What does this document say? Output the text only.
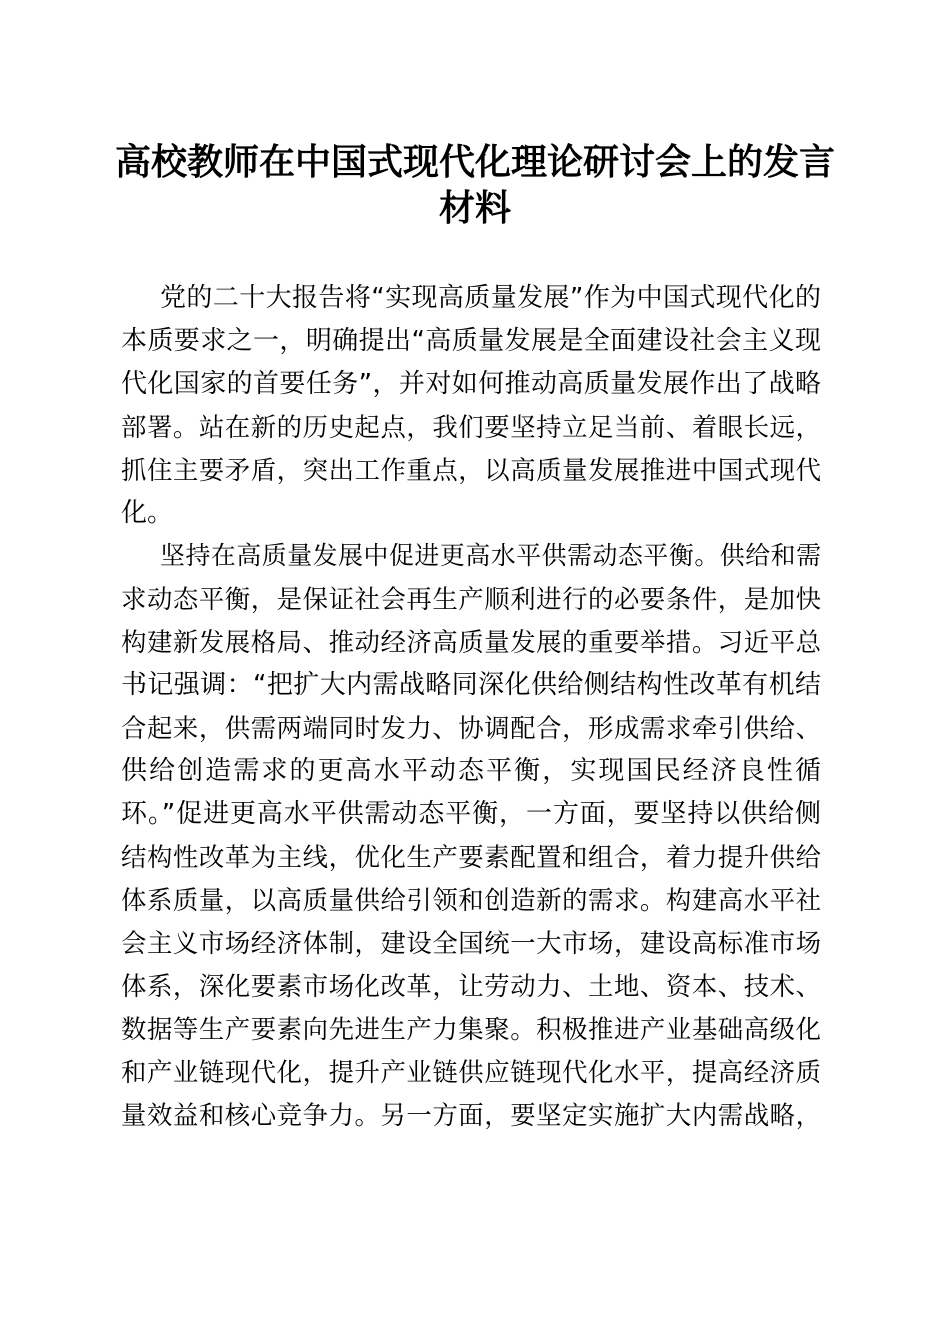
高校教师在中国式现代化理论研讨会上的发言
材料

党的二十大报告将“实现高质量发展”作为中国式现代化的

本质要求之一，明确提出“高质量发展是全面建设社会主义现

代化国家的首要任务”，并对如何推动高质量发展作出了战略

部署。站在新的历史起点，我们要坚持立足当前、着眼长远，

抓住主要矛盾，突出工作重点，以高质量发展推进中国式现代

化。

坚持在高质量发展中促进更高水平供需动态平衡。供给和需

求动态平衡，是保证社会再生产顺利进行的必要条件，是加快

构建新发展格局、推动经济高质量发展的重要举措。习近平总

书记强调：“把扩大内需战略同深化供给侧结构性改革有机结

合起来，供需两端同时发力、协调配合，形成需求牵引供给、

供给创造需求的更高水平动态平衡，实现国民经济良性循

环。”促进更高水平供需动态平衡，一方面，要坚持以供给侧

结构性改革为主线，优化生产要素配置和组合，着力提升供给

体系质量，以高质量供给引领和创造新的需求。构建高水平社

会主义市场经济体制，建设全国统一大市场，建设高标准市场

体系，深化要素市场化改革，让劳动力、土地、资本、技术、

数据等生产要素向先进生产力集聚。积极推进产业基础高级化

和产业链现代化，提升产业链供应链现代化水平，提高经济质

量效益和核心竞争力。另一方面，要坚定实施扩大内需战略，
